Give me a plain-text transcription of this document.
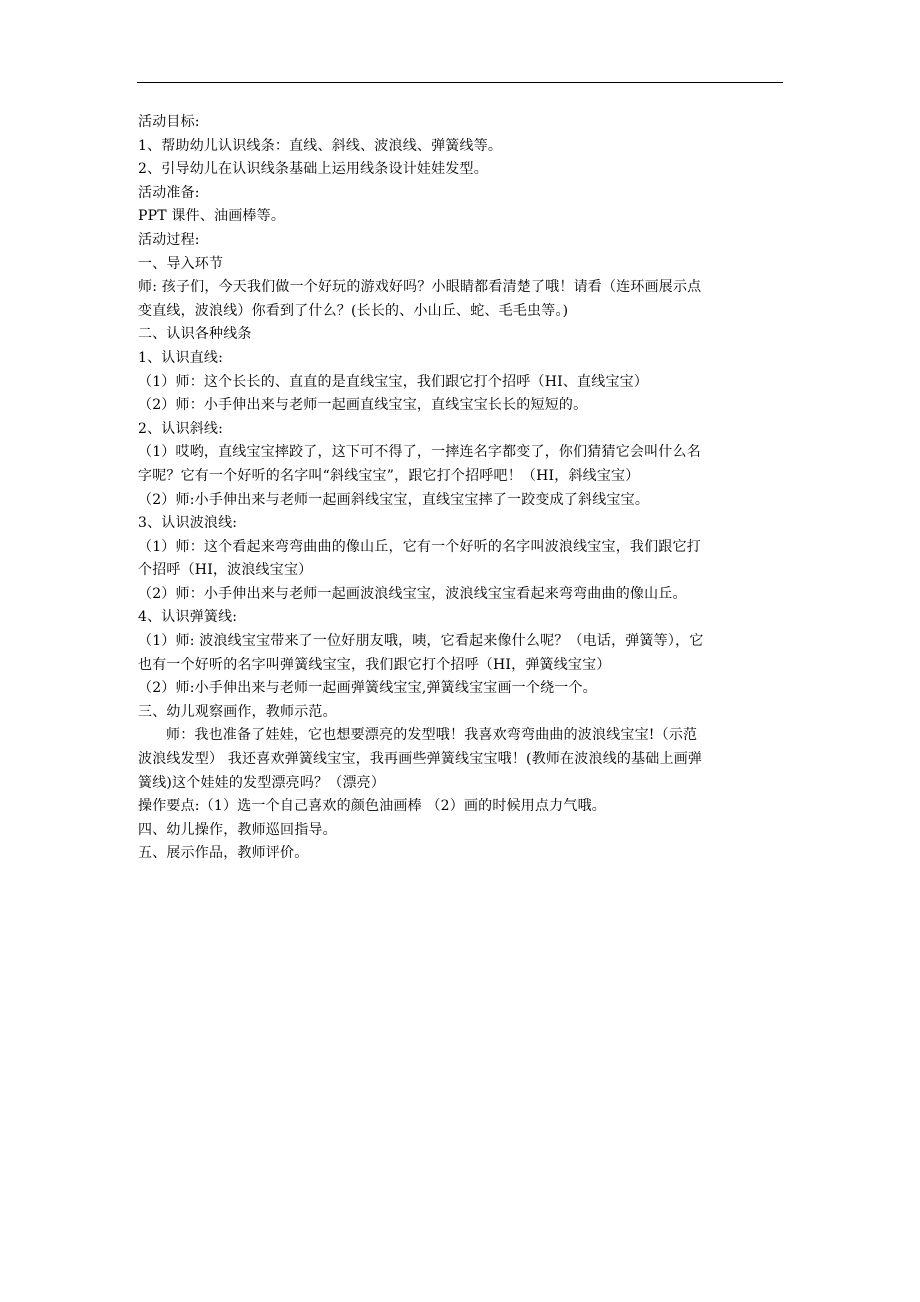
活动目标:

1、帮助幼儿认识线条：直线、斜线、波浪线、弹簧线等。

2、引导幼儿在认识线条基础上运用线条设计娃娃发型。

活动准备:

PPT 课件、油画棒等。

活动过程:

一、导入环节

师: 孩子们，今天我们做一个好玩的游戏好吗？小眼睛都看清楚了哦！请看（连环画展示点

变直线，波浪线）你看到了什么？(长长的、小山丘、蛇、毛毛虫等。)

二、认识各种线条

1、认识直线:

（1）师：这个长长的、直直的是直线宝宝，我们跟它打个招呼（HI、直线宝宝）

（2）师：小手伸出来与老师一起画直线宝宝，直线宝宝长长的短短的。

2、认识斜线:

（1）哎哟，直线宝宝摔跤了，这下可不得了，一摔连名字都变了，你们猜猜它会叫什么名

字呢？它有一个好听的名字叫“斜线宝宝”，跟它打个招呼吧！（HI，斜线宝宝）

（2）师:小手伸出来与老师一起画斜线宝宝，直线宝宝摔了一跤变成了斜线宝宝。

3、认识波浪线:

（1）师：这个看起来弯弯曲曲的像山丘，它有一个好听的名字叫波浪线宝宝，我们跟它打

个招呼（HI，波浪线宝宝）

（2）师：小手伸出来与老师一起画波浪线宝宝，波浪线宝宝看起来弯弯曲曲的像山丘。

4、认识弹簧线:

（1）师: 波浪线宝宝带来了一位好朋友哦，咦，它看起来像什么呢？（电话，弹簧等），它

也有一个好听的名字叫弹簧线宝宝，我们跟它打个招呼（HI，弹簧线宝宝）

（2）师:小手伸出来与老师一起画弹簧线宝宝,弹簧线宝宝画一个绕一个。

三、幼儿观察画作，教师示范。

师：我也准备了娃娃，它也想要漂亮的发型哦！我喜欢弯弯曲曲的波浪线宝宝!（示范

波浪线发型） 我还喜欢弹簧线宝宝，我再画些弹簧线宝宝哦！(教师在波浪线的基础上画弹

簧线)这个娃娃的发型漂亮吗？（漂亮）

操作要点:（1）选一个自己喜欢的颜色油画棒 （2）画的时候用点力气哦。

四、幼儿操作，教师巡回指导。

五、展示作品，教师评价。
